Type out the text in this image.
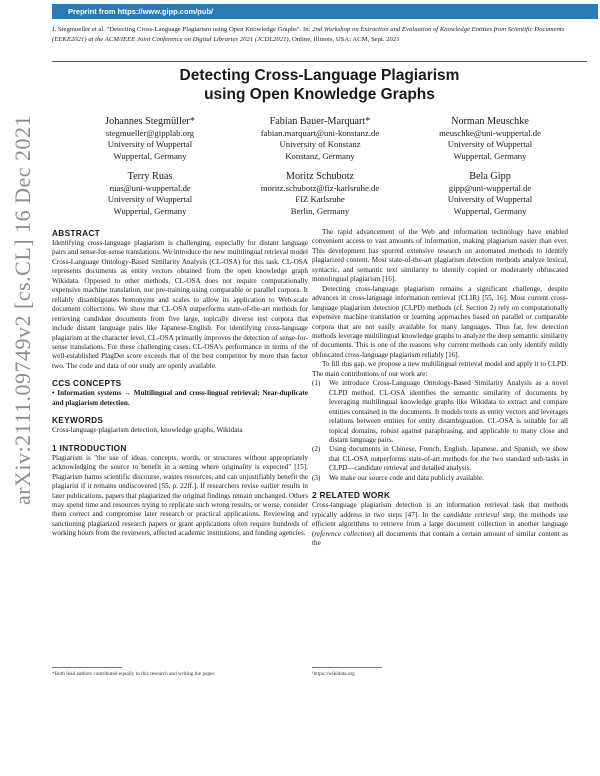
Preprint from https://www.gipp.com/pub/
arXiv:2111.09749v2 [cs.CL] 16 Dec 2021
J. Stegmueller et al. "Detecting Cross-Language Plagiarism using Open Knowledge Graphs". In: 2nd Workshop on Extraction and Evaluation of Knowledge Entities from Scientific Documents (EEKE2021) at the ACM/IEEE Joint Conference on Digital Libraries 2021 (JCDL2021), Online, Illinois, USA: ACM, Sept. 2021
Detecting Cross-Language Plagiarism
using Open Knowledge Graphs
Johannes Stegmüller*
stegmueller@gipplab.org
University of Wuppertal
Wuppertal, Germany
Fabian Bauer-Marquart*
fabian.marquart@uni-konstanz.de
University of Konstanz
Konstanz, Germany
Norman Meuschke
meuschke@uni-wuppertal.de
University of Wuppertal
Wuppertal, Germany
Terry Ruas
ruas@uni-wuppertal.de
University of Wuppertal
Wuppertal, Germany
Moritz Schubotz
moritz.schubotz@fiz-karlsruhe.de
FIZ Karlsruhe
Berlin, Germany
Bela Gipp
gipp@uni-wuppertal.de
University of Wuppertal
Wuppertal, Germany
ABSTRACT

Identifying cross-language plagiarism is challenging, especially for distant language pairs and sense-for-sense translations. We introduce the new multilingual retrieval model Cross-Language Ontology-Based Similarity Analysis (CL-OSA) for this task. CL-OSA represents documents as entity vectors obtained from the open knowledge graph Wikidata. Opposed to other methods, CL-OSA does not require computationally expensive machine translation, nor pre-training using comparable or parallel corpora. It reliably disambiguates homonyms and scales to allow its application to Web-scale document collections. We show that CL-OSA outperforms state-of-the-art methods for retrieving candidate documents from five large, topically diverse test corpora that include distant language pairs like Japanese-English. For identifying cross-language plagiarism at the character level, CL-OSA primarily improves the detection of sense-for-sense translations. For these challenging cases, CL-OSA's performance in terms of the well-established PlagDet score exceeds that of the best competitor by more than factor two. The code and data of our study are openly available.

CCS CONCEPTS

• Information systems → Multilingual and cross-lingual retrieval; Near-duplicate and plagiarism detection.

KEYWORDS

Cross-language plagiarism detection, knowledge graphs, Wikidata

1 INTRODUCTION

Plagiarism is "the use of ideas, concepts, words, or structures without appropriately acknowledging the source to benefit in a setting where originality is expected" [15]. Plagiarism harms scientific discourse, wastes resources, and can unjustifiably benefit the plagiarist if it remains undiscovered [55, p. 22ff.]. If researchers revise earlier results in later publications, papers that plagiarized the original findings remain unchanged. Others may spend time and resources trying to replicate such wrong results, or worse, consider them correct and compromise later research or practical applications. Reviewing and sanctioning plagiarized research papers or grant applications often require hundreds of working hours from the reviewers, affected academic institutions, and funding agencies.

*Both lead authors contributed equally to this research and writing the paper.

The rapid advancement of the Web and information technology have enabled convenient access to vast amounts of information, making plagiarism easier than ever. This development has spurred extensive research on automated methods to identify plagiarized content. Most state-of-the-art plagiarism detection methods analyze lexical, syntactic, and semantic text similarity to identify copied or moderately obfuscated monolingual plagiarism [16].

Detecting cross-language plagiarism remains a significant challenge, despite advances in cross-language information retrieval (CLIR) [55, 16]. Most current cross-language plagiarism detection (CLPD) methods (cf. Section 2) rely on computationally expensive machine translation or learning approaches based on parallel or comparable corpora that are not easily available for many languages. Thus far, few detection methods leverage multilingual knowledge graphs to analyze the deep semantic similarity of documents. This is one of the reasons why current methods can only identify mildly obfuscated cross-language plagiarism reliably [16].

To fill this gap, we propose a new multilingual retrieval model and apply it to CLPD. The main contributions of our work are:

(1) We introduce Cross-Language Ontology-Based Similarity Analysis as a novel CLPD method. CL-OSA identifies the semantic similarity of documents by leveraging multilingual knowledge graphs like Wikidata to extract and compare entities contained in the documents. It models texts as entity vectors and leverages relations between entities for entity disambiguation. CL-OSA is suitable for all topical domains, robust against paraphrasing, and applicable to many close and distant language pairs.
(2) Using documents in Chinese, French, English, Japanese, and Spanish, we show that CL-OSA outperforms state-of-art methods for the two standard sub-tasks in CLPD—candidate retrieval and detailed analysis.
(3) We make our source code and data publicly available.
2 RELATED WORK

Cross-language plagiarism detection is an information retrieval task that methods typically address in two steps [47]. In the candidate retrieval step, the methods use efficient algorithms to retrieve from a large document collection in another language (reference collection) all documents that contain a certain amount of similar content as the

¹https://wikidata.org
